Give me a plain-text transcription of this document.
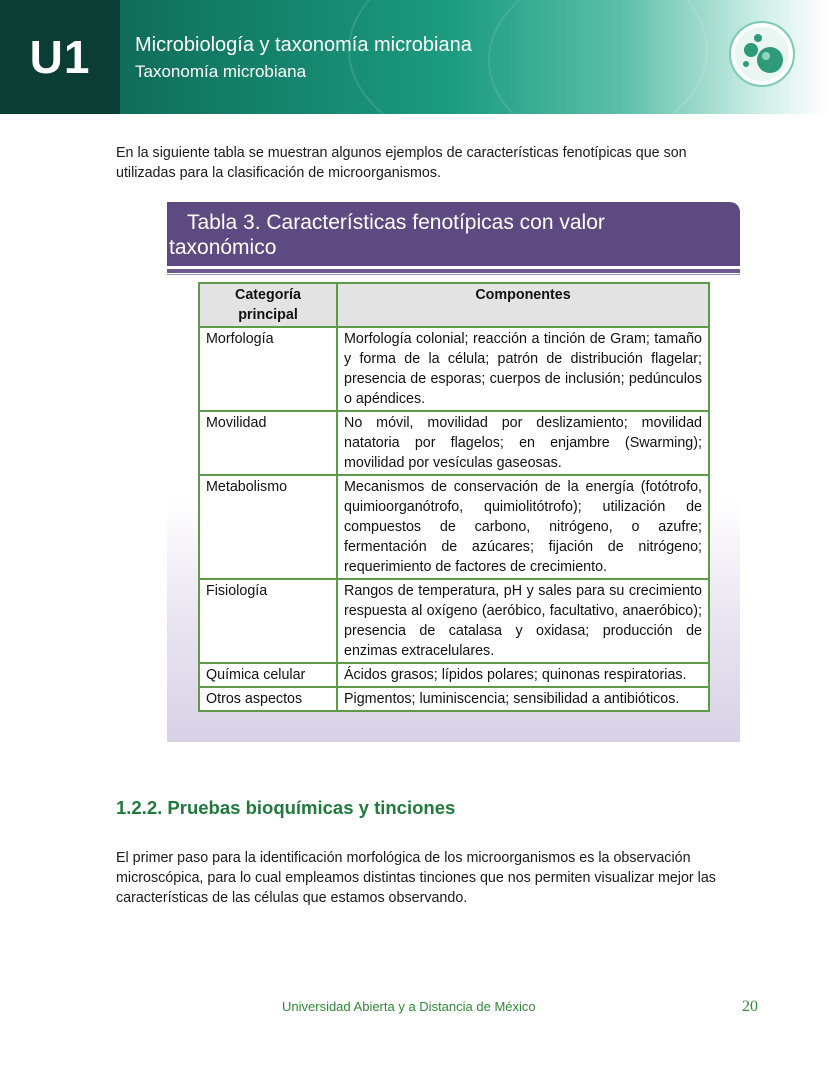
U1 Microbiología y taxonomía microbiana
Taxonomía microbiana

En la siguiente tabla se muestran algunos ejemplos de características fenotípicas que son utilizadas para la clasificación de microorganismos.

Tabla 3. Características fenotípicas con valor
taxonómico
Categoría principal	Componentes
Morfología	Morfología colonial; reacción a tinción de Gram; tamaño y forma de la célula; patrón de distribución flagelar; presencia de esporas; cuerpos de inclusión; pedúnculos o apéndices.
Movilidad	No móvil, movilidad por deslizamiento; movilidad natatoria por flagelos; en enjambre (Swarming); movilidad por vesículas gaseosas.
Metabolismo	Mecanismos de conservación de la energía (fotótrofo, quimioorganótrofo, quimiolitótrofo); utilización de compuestos de carbono, nitrógeno, o azufre; fermentación de azúcares; fijación de nitrógeno; requerimiento de factores de crecimiento.
Fisiología	Rangos de temperatura, pH y sales para su crecimiento respuesta al oxígeno (aeróbico, facultativo, anaeróbico); presencia de catalasa y oxidasa; producción de enzimas extracelulares.
Química celular	Ácidos grasos; lípidos polares; quinonas respiratorias.
Otros aspectos	Pigmentos; luminiscencia; sensibilidad a antibióticos.
1.2.2. Pruebas bioquímicas y tinciones

El primer paso para la identificación morfológica de los microorganismos es la observación microscópica, para lo cual empleamos distintas tinciones que nos permiten visualizar mejor las características de las células que estamos observando.

Universidad Abierta y a Distancia de México	20
